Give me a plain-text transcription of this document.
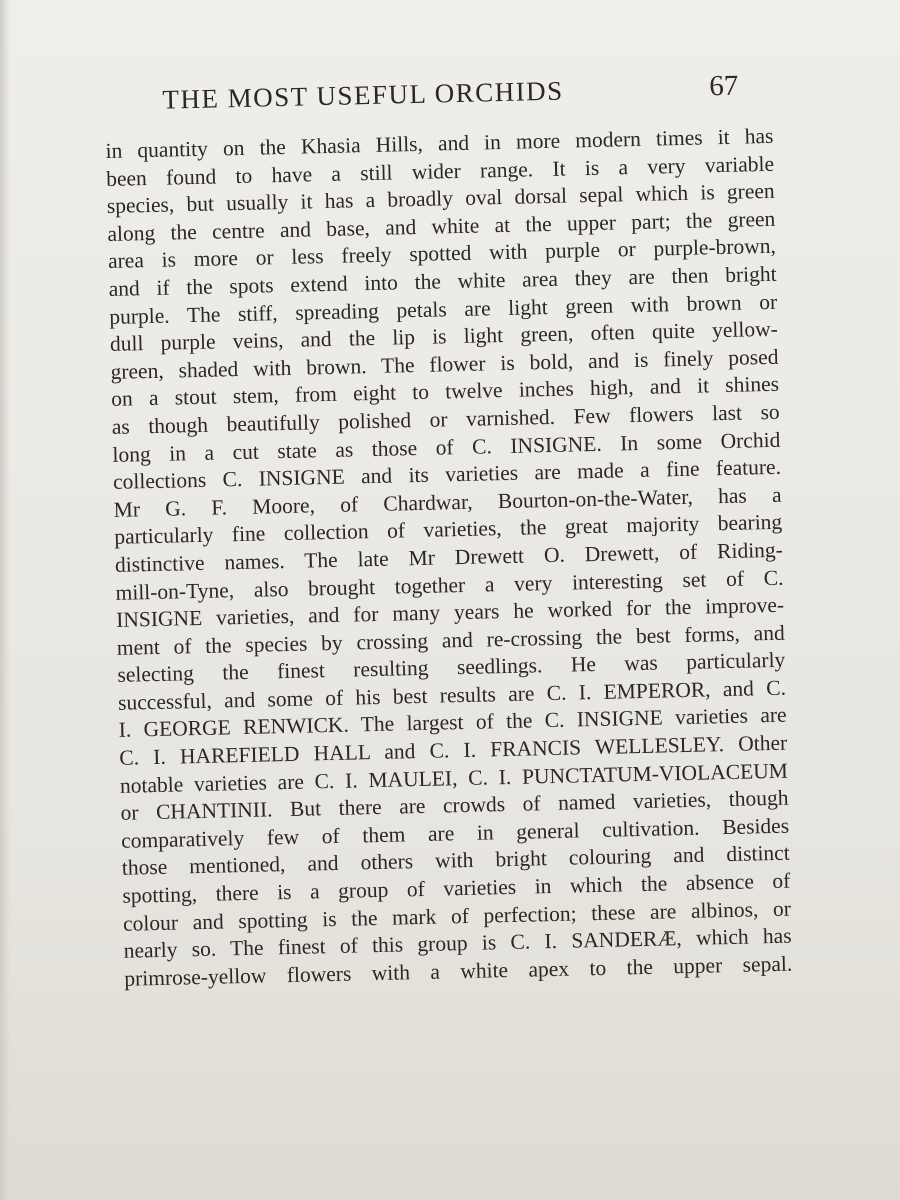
THE MOST USEFUL ORCHIDS	67
in quantity on the Khasia Hills, and in more modern times it has
been found to have a still wider range. It is a very variable
species, but usually it has a broadly oval dorsal sepal which is green
along the centre and base, and white at the upper part; the green
area is more or less freely spotted with purple or purple-brown,
and if the spots extend into the white area they are then bright
purple. The stiff, spreading petals are light green with brown or
dull purple veins, and the lip is light green, often quite yellow-
green, shaded with brown. The flower is bold, and is finely posed
on a stout stem, from eight to twelve inches high, and it shines
as though beautifully polished or varnished. Few flowers last so
long in a cut state as those of C. INSIGNE. In some Orchid
collections C. INSIGNE and its varieties are made a fine feature.
Mr G. F. Moore, of Chardwar, Bourton-on-the-Water, has a
particularly fine collection of varieties, the great majority bearing
distinctive names. The late Mr Drewett O. Drewett, of Riding-
mill-on-Tyne, also brought together a very interesting set of C.
INSIGNE varieties, and for many years he worked for the improve-
ment of the species by crossing and re-crossing the best forms, and
selecting the finest resulting seedlings. He was particularly
successful, and some of his best results are C. I. EMPEROR, and C.
I. GEORGE RENWICK. The largest of the C. INSIGNE varieties are
C. I. HAREFIELD HALL and C. I. FRANCIS WELLESLEY. Other
notable varieties are C. I. MAULEI, C. I. PUNCTATUM-VIOLACEUM
or CHANTINII. But there are crowds of named varieties, though
comparatively few of them are in general cultivation. Besides
those mentioned, and others with bright colouring and distinct
spotting, there is a group of varieties in which the absence of
colour and spotting is the mark of perfection; these are albinos, or
nearly so. The finest of this group is C. I. SANDERÆ, which has
primrose-yellow flowers with a white apex to the upper sepal.
